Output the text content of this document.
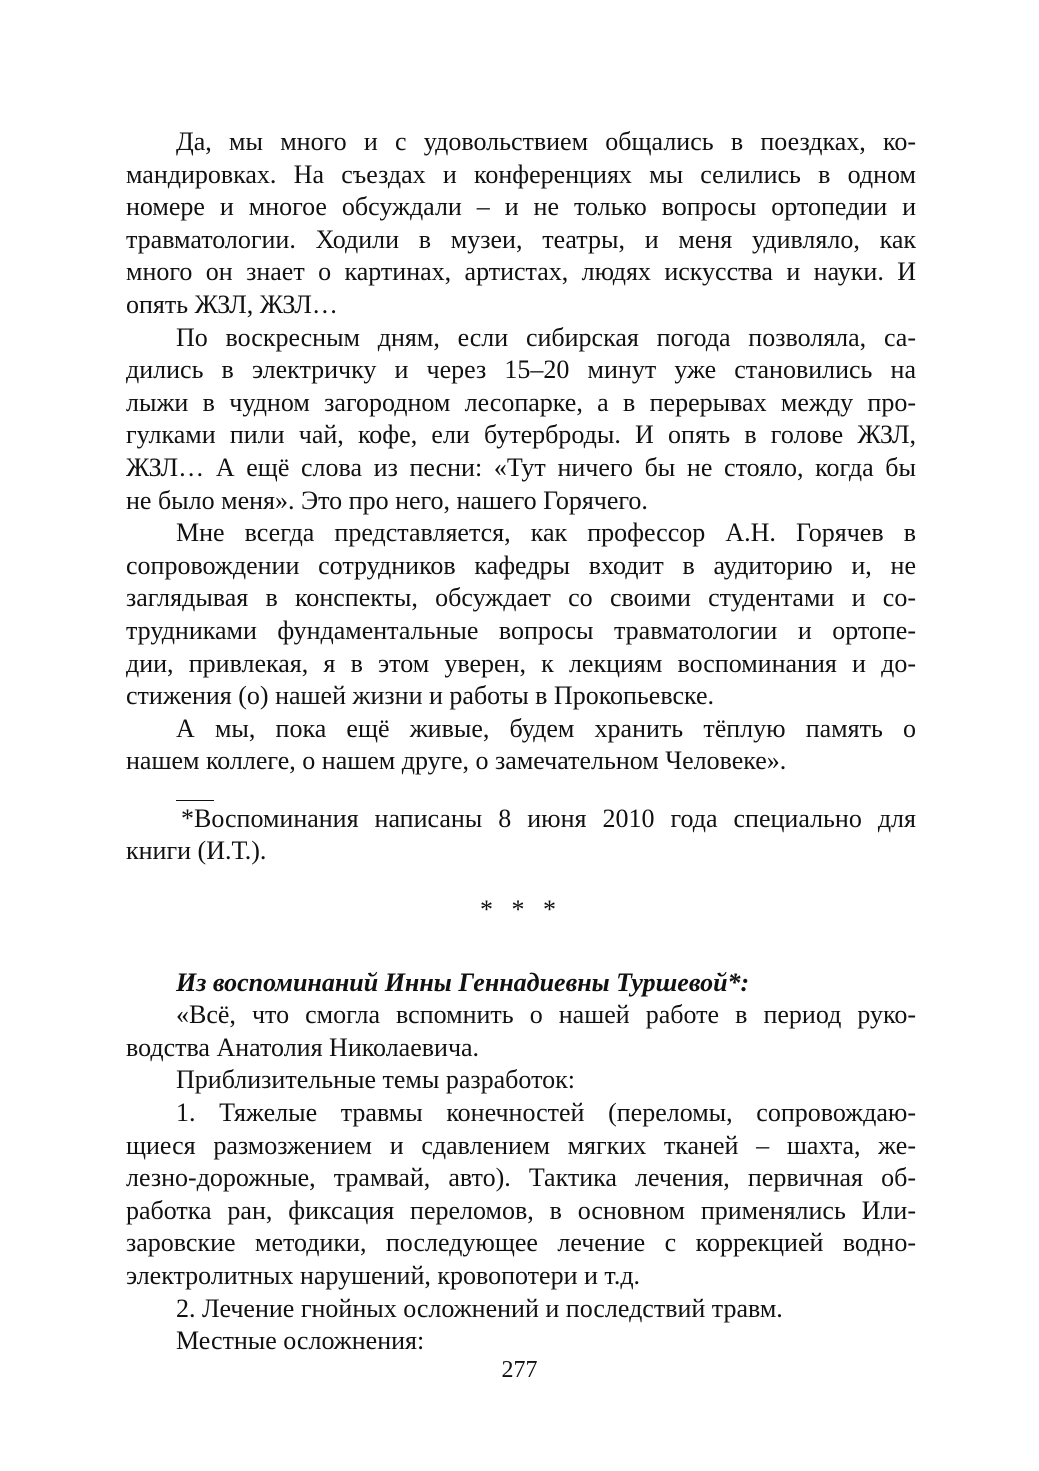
Да, мы много и с удовольствием общались в поездках, ко-
мандировках. На съездах и конференциях мы селились в одном
номере и многое обсуждали – и не только вопросы ортопедии и
травматологии. Ходили в музеи, театры, и меня удивляло, как
много он знает о картинах, артистах, людях искусства и науки. И
опять ЖЗЛ, ЖЗЛ…
По воскресным дням, если сибирская погода позволяла, са-
дились в электричку и через 15–20 минут уже становились на
лыжи в чудном загородном лесопарке, а в перерывах между про-
гулками пили чай, кофе, ели бутерброды. И опять в голове ЖЗЛ,
ЖЗЛ… А ещё слова из песни: «Тут ничего бы не стояло, когда бы
не было меня». Это про него, нашего Горячего.
Мне всегда представляется, как профессор А.Н. Горячев в
сопровождении сотрудников кафедры входит в аудиторию и, не
заглядывая в конспекты, обсуждает со своими студентами и со-
трудниками фундаментальные вопросы травматологии и ортопе-
дии, привлекая, я в этом уверен, к лекциям воспоминания и до-
стижения (о) нашей жизни и работы в Прокопьевске.
А мы, пока ещё живые, будем хранить тёплую память о
нашем коллеге, о нашем друге, о замечательном Человеке».
*Воспоминания написаны 8 июня 2010 года специально для
книги (И.Т.).
* * *
Из воспоминаний Инны Геннадиевны Туршевой*:
«Всё, что смогла вспомнить о нашей работе в период руко-
водства Анатолия Николаевича.
Приблизительные темы разработок:
1. Тяжелые травмы конечностей (переломы, сопровождаю-
щиеся размозжением и сдавлением мягких тканей – шахта, же-
лезно-дорожные, трамвай, авто). Тактика лечения, первичная об-
работка ран, фиксация переломов, в основном применялись Или-
заровские методики, последующее лечение с коррекцией водно-
электролитных нарушений, кровопотери и т.д.
2. Лечение гнойных осложнений и последствий травм.
Местные осложнения:
277
